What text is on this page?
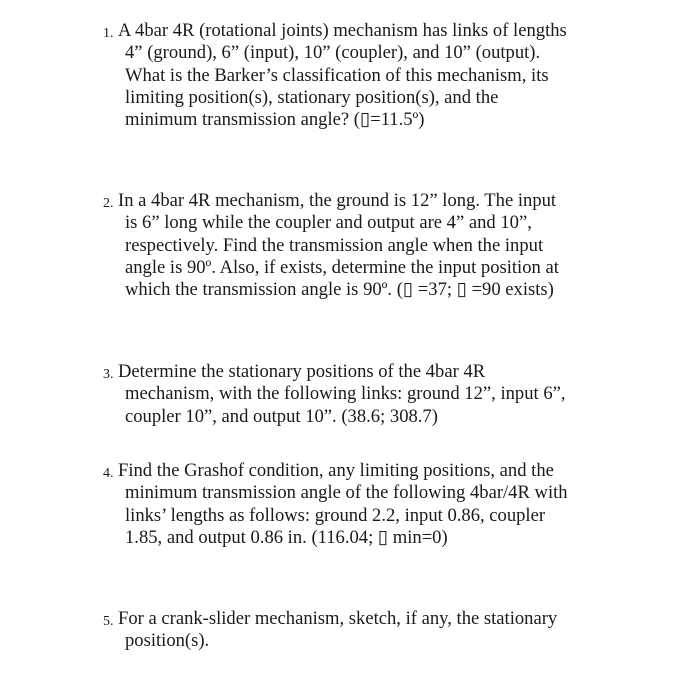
1. A 4bar 4R (rotational joints) mechanism has links of lengths
4” (ground), 6” (input), 10” (coupler), and 10” (output).
What is the Barker’s classification of this mechanism, its
limiting position(s), stationary position(s), and the
minimum transmission angle? (▯=11.5º)
2. In a 4bar 4R mechanism, the ground is 12” long. The input
is 6” long while the coupler and output are 4” and 10”,
respectively. Find the transmission angle when the input
angle is 90º. Also, if exists, determine the input position at
which the transmission angle is 90º. (▯ =37; ▯ =90 exists)
3. Determine the stationary positions of the 4bar 4R
mechanism, with the following links: ground 12”, input 6”,
coupler 10”, and output 10”. (38.6; 308.7)
4. Find the Grashof condition, any limiting positions, and the
minimum transmission angle of the following 4bar/4R with
links’ lengths as follows: ground 2.2, input 0.86, coupler
1.85, and output 0.86 in. (116.04; ▯ min=0)
5. For a crank-slider mechanism, sketch, if any, the stationary
position(s).
